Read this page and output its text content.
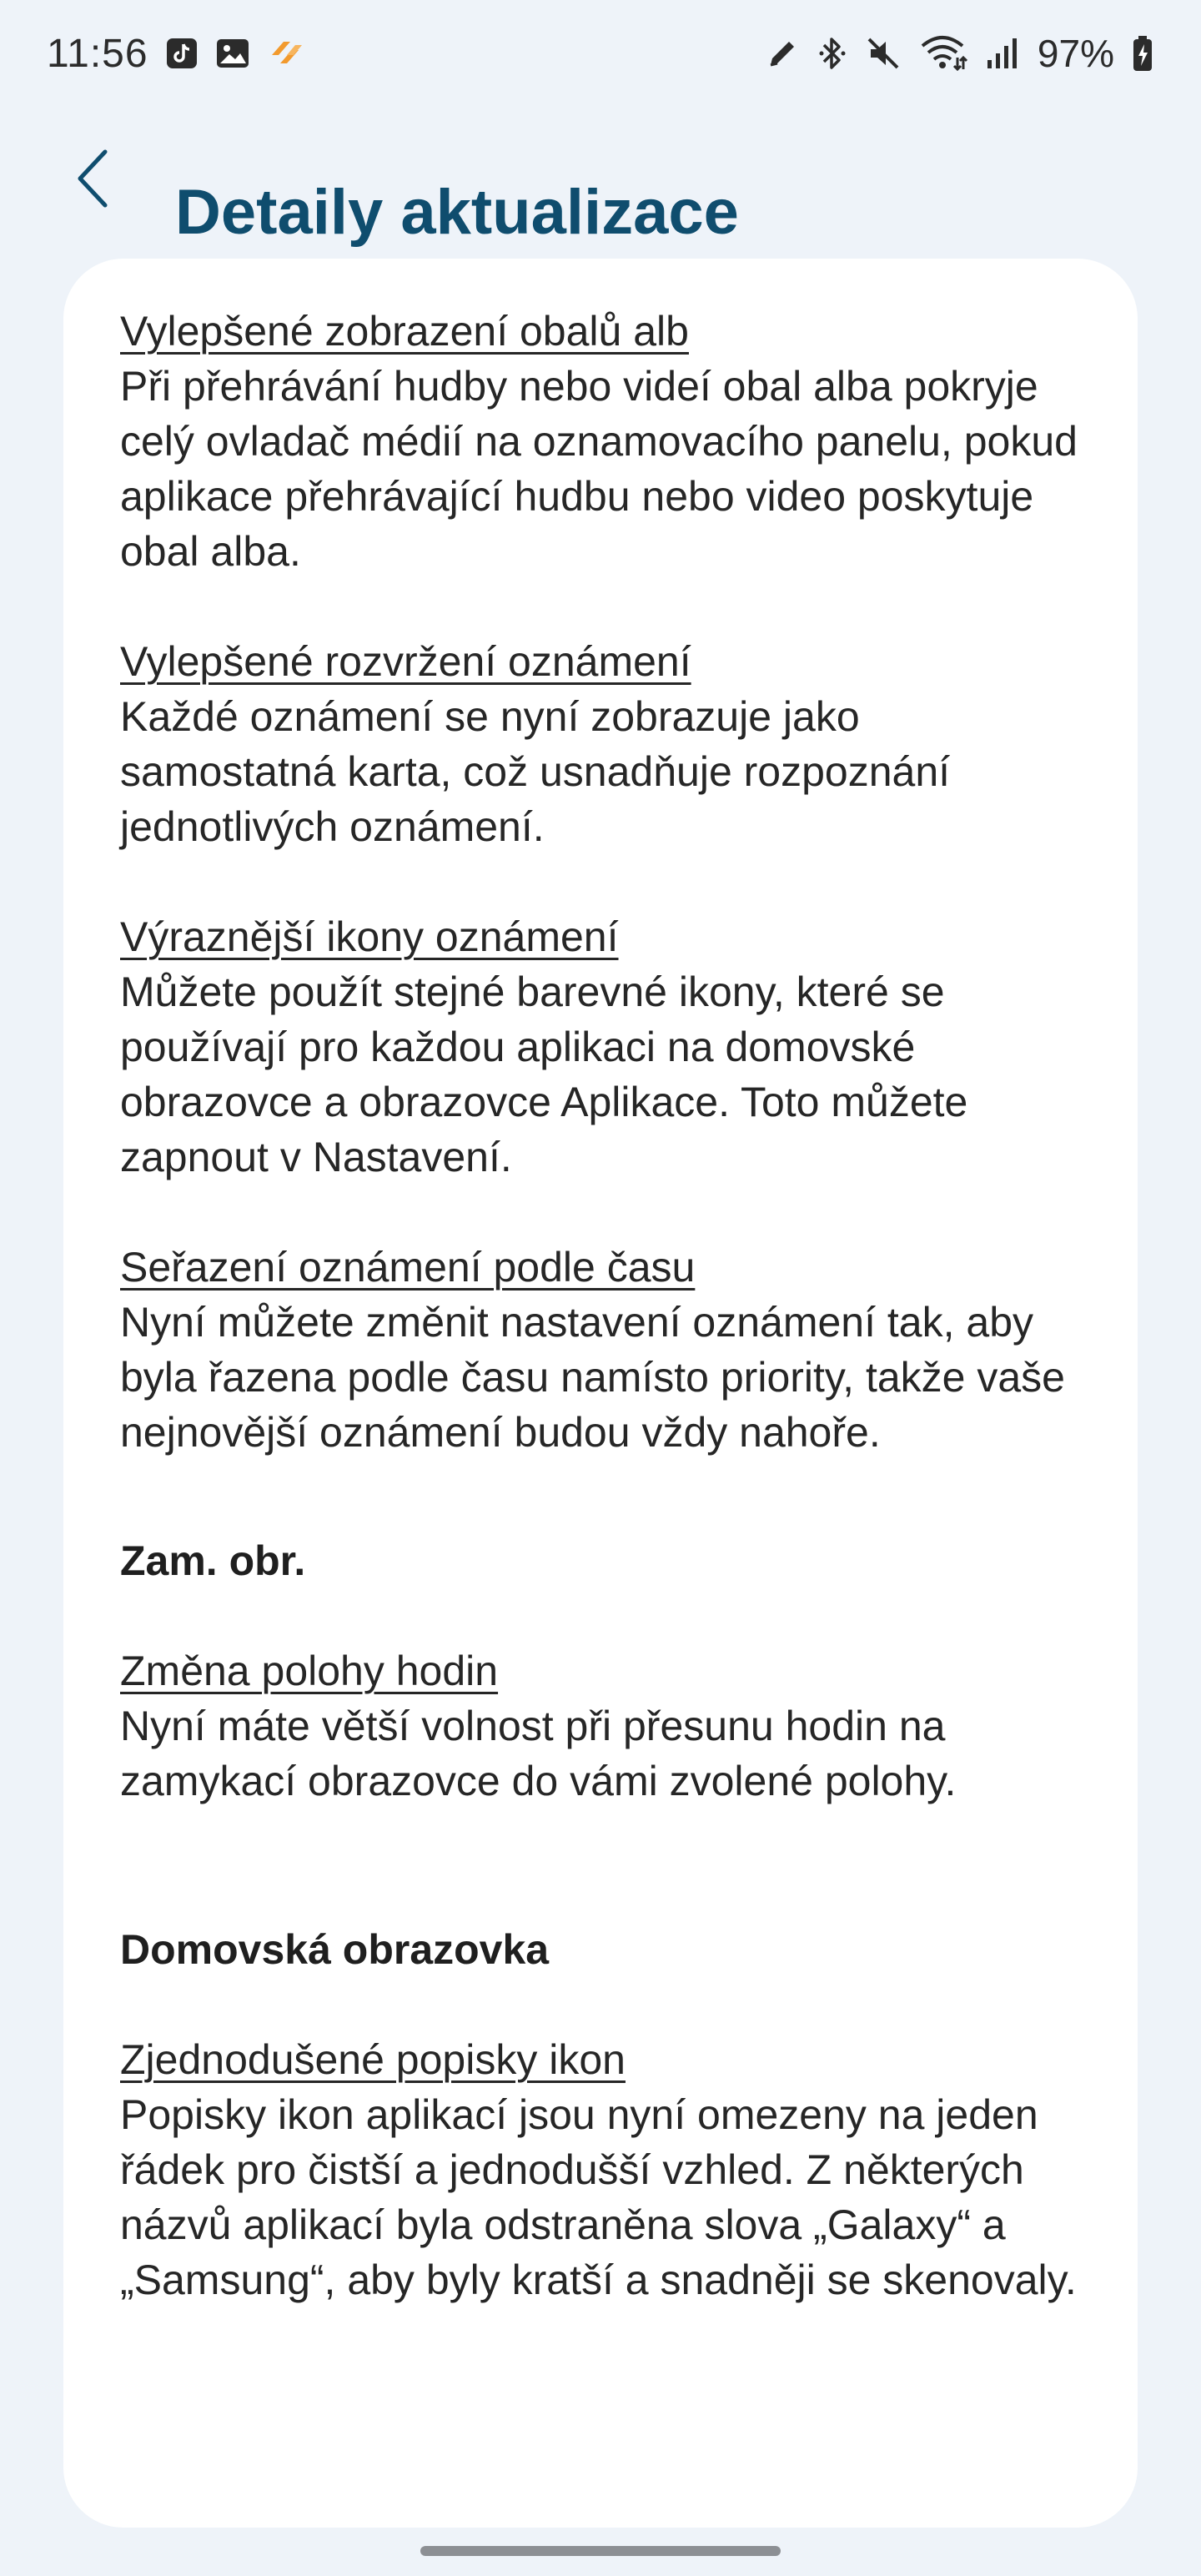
11:56	97%
Detaily aktualizace

Vylepšené zobrazení obalů alb

Při přehrávání hudby nebo videí obal alba pokryje celý ovladač médií na oznamovacího panelu, pokud aplikace přehrávající hudbu nebo video poskytuje obal alba.

Vylepšené rozvržení oznámení

Každé oznámení se nyní zobrazuje jako samostatná karta, což usnadňuje rozpoznání jednotlivých oznámení.

Výraznější ikony oznámení

Můžete použít stejné barevné ikony, které se používají pro každou aplikaci na domovské obrazovce a obrazovce Aplikace. Toto můžete zapnout v Nastavení.

Seřazení oznámení podle času

Nyní můžete změnit nastavení oznámení tak, aby byla řazena podle času namísto priority, takže vaše nejnovější oznámení budou vždy nahoře.

Zam. obr.

Změna polohy hodin

Nyní máte větší volnost při přesunu hodin na zamykací obrazovce do vámi zvolené polohy.

Domovská obrazovka

Zjednodušené popisky ikon

Popisky ikon aplikací jsou nyní omezeny na jeden řádek pro čistší a jednodušší vzhled. Z některých názvů aplikací byla odstraněna slova „Galaxy“ a „Samsung“, aby byly kratší a snadněji se skenovaly.
